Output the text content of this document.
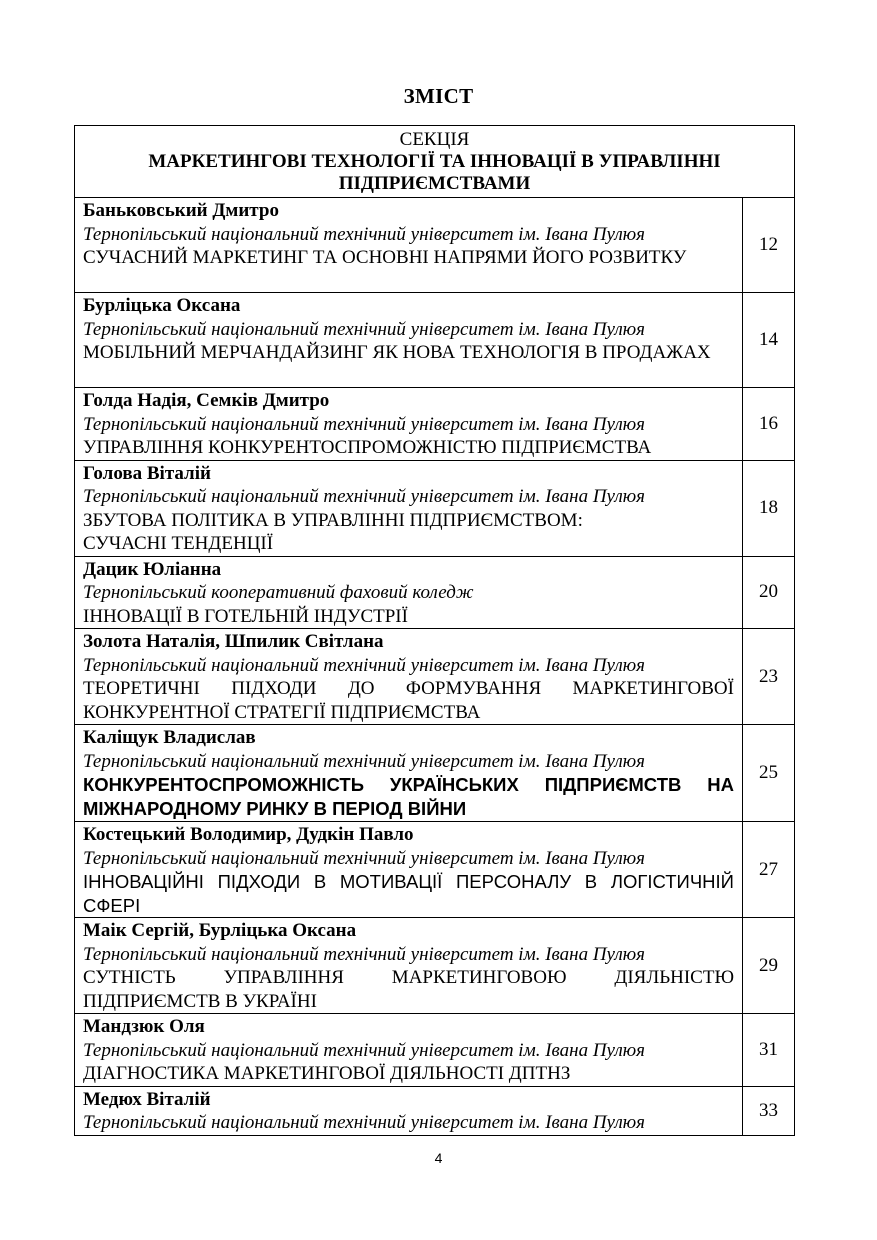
ЗМІСТ
СЕКЦІЯ
МАРКЕТИНГОВІ ТЕХНОЛОГІЇ ТА ІННОВАЦІЇ В УПРАВЛІННІ ПІДПРИЄМСТВАМИ	

Баньковський Дмитро
Тернопільський національний технічний університет ім. Івана Пулюя
СУЧАСНИЙ МАРКЕТИНГ ТА ОСНОВНІ НАПРЯМИ ЙОГО РОЗВИТКУ	12

Бурліцька Оксана
Тернопільський національний технічний університет ім. Івана Пулюя
МОБІЛЬНИЙ МЕРЧАНДАЙЗИНГ ЯК НОВА ТЕХНОЛОГІЯ В ПРОДАЖАХ	14

Голда Надія, Семків Дмитро
Тернопільський національний технічний університет ім. Івана Пулюя
УПРАВЛІННЯ КОНКУРЕНТОСПРОМОЖНІСТЮ ПІДПРИЄМСТВА	16

Голова Віталій
Тернопільський національний технічний університет ім. Івана Пулюя
ЗБУТОВА ПОЛІТИКА В УПРАВЛІННІ ПІДПРИЄМСТВОМ:
СУЧАСНІ ТЕНДЕНЦІЇ	18

Дацик Юліанна
Тернопільський кооперативний фаховий коледж
ІННОВАЦІЇ В ГОТЕЛЬНІЙ ІНДУСТРІЇ	20

Золота Наталія, Шпилик Світлана
Тернопільський національний технічний університет ім. Івана Пулюя
ТЕОРЕТИЧНІ ПІДХОДИ ДО ФОРМУВАННЯ МАРКЕТИНГОВОЇ КОНКУРЕНТНОЇ СТРАТЕГІЇ ПІДПРИЄМСТВА	23

Каліщук Владислав
Тернопільський національний технічний університет ім. Івана Пулюя
КОНКУРЕНТОСПРОМОЖНІСТЬ УКРАЇНСЬКИХ ПІДПРИЄМСТВ НА МІЖНАРОДНОМУ РИНКУ В ПЕРІОД ВІЙНИ	25

Костецький Володимир, Дудкін Павло
Тернопільський національний технічний університет ім. Івана Пулюя
ІННОВАЦІЙНІ ПІДХОДИ В МОТИВАЦІЇ ПЕРСОНАЛУ В ЛОГІСТИЧНІЙ СФЕРІ	27

Маік Сергій, Бурліцька Оксана
Тернопільський національний технічний університет ім. Івана Пулюя
СУТНІСТЬ УПРАВЛІННЯ МАРКЕТИНГОВОЮ ДІЯЛЬНІСТЮ ПІДПРИЄМСТВ В УКРАЇНІ	29

Мандзюк Оля
Тернопільський національний технічний університет ім. Івана Пулюя
ДІАГНОСТИКА МАРКЕТИНГОВОЇ ДІЯЛЬНОСТІ ДПТНЗ	31

Медюх Віталій
Тернопільський національний технічний університет ім. Івана Пулюя	33
4
